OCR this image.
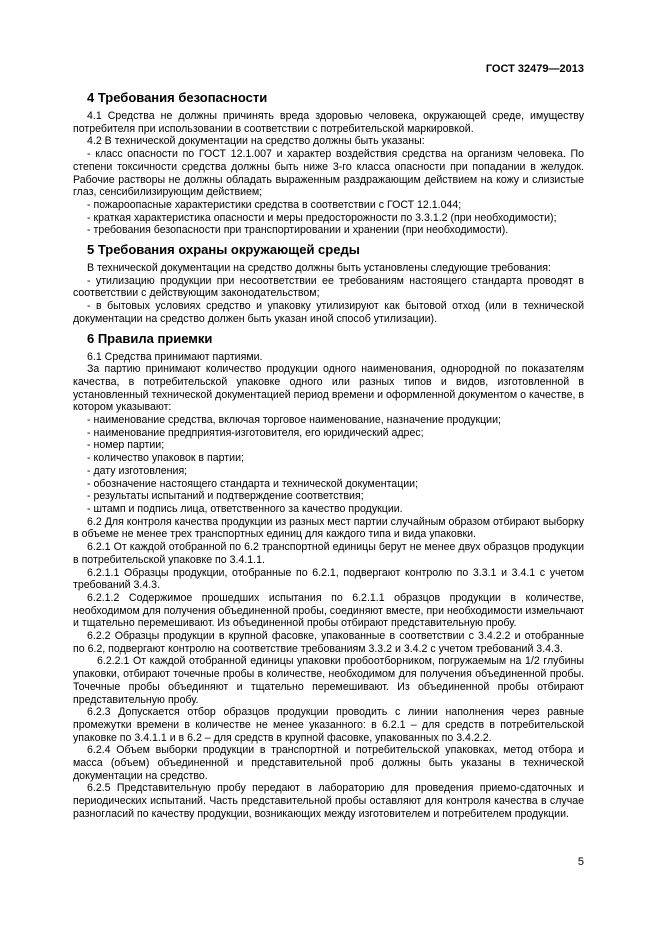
ГОСТ 32479—2013
4 Требования безопасности

4.1 Средства не должны причинять вреда здоровью человека, окружающей среде, имуществу потребителя при использовании в соответствии с потребительской маркировкой.

4.2 В технической документации на средство должны быть указаны:

- класс опасности по ГОСТ 12.1.007 и характер воздействия средства на организм человека. По степени токсичности средства должны быть ниже 3-го класса опасности при попадании в желудок. Рабочие растворы не должны обладать выраженным раздражающим действием на кожу и слизистые глаз, сенсибилизирующим действием;

- пожароопасные характеристики средства в соответствии с ГОСТ 12.1.044;

- краткая характеристика опасности и меры предосторожности по 3.3.1.2 (при необходимости);

- требования безопасности при транспортировании и хранении (при необходимости).

5 Требования охраны окружающей среды

В технической документации на средство должны быть установлены следующие требования:

- утилизацию продукции при несоответствии ее требованиям настоящего стандарта проводят в соответствии с действующим законодательством;

- в бытовых условиях средство и упаковку утилизируют как бытовой отход (или в технической документации на средство должен быть указан иной способ утилизации).

6 Правила приемки

6.1 Средства принимают партиями.

За партию принимают количество продукции одного наименования, однородной по показателям качества, в потребительской упаковке одного или разных типов и видов, изготовленной в установленный технической документацией период времени и оформленной документом о качестве, в котором указывают:

- наименование средства, включая торговое наименование, назначение продукции;

- наименование предприятия-изготовителя, его юридический адрес;

- номер партии;

- количество упаковок в партии;

- дату изготовления;

- обозначение настоящего стандарта и технической документации;

- результаты испытаний и подтверждение соответствия;

- штамп и подпись лица, ответственного за качество продукции.

6.2 Для контроля качества продукции из разных мест партии случайным образом отбирают выборку в объеме не менее трех транспортных единиц для каждого типа и вида упаковки.

6.2.1 От каждой отобранной по 6.2 транспортной единицы берут не менее двух образцов продукции в потребительской упаковке по 3.4.1.1.

6.2.1.1 Образцы продукции, отобранные по 6.2.1, подвергают контролю по 3.3.1 и 3.4.1 с учетом требований 3.4.3.

6.2.1.2 Содержимое прошедших испытания по 6.2.1.1 образцов продукции в количестве, необходимом для получения объединенной пробы, соединяют вместе, при необходимости измельчают и тщательно перемешивают. Из объединенной пробы отбирают представительную пробу.

6.2.2 Образцы продукции в крупной фасовке, упакованные в соответствии с 3.4.2.2 и отобранные по 6.2, подвергают контролю на соответствие требованиям 3.3.2 и 3.4.2 с учетом требований 3.4.3.

6.2.2.1 От каждой отобранной единицы упаковки пробоотборником, погружаемым на 1/2 глубины упаковки, отбирают точечные пробы в количестве, необходимом для получения объединенной пробы. Точечные пробы объединяют и тщательно перемешивают. Из объединенной пробы отбирают представительную пробу.

6.2.3 Допускается отбор образцов продукции проводить с линии наполнения через равные промежутки времени в количестве не менее указанного: в 6.2.1 – для средств в потребительской упаковке по 3.4.1.1 и в 6.2 – для средств в крупной фасовке, упакованных по 3.4.2.2.

6.2.4 Объем выборки продукции в транспортной и потребительской упаковках, метод отбора и масса (объем) объединенной и представительной проб должны быть указаны в технической документации на средство.

6.2.5 Представительную пробу передают в лабораторию для проведения приемо-сдаточных и периодических испытаний. Часть представительной пробы оставляют для контроля качества в случае разногласий по качеству продукции, возникающих между изготовителем и потребителем продукции.

5
